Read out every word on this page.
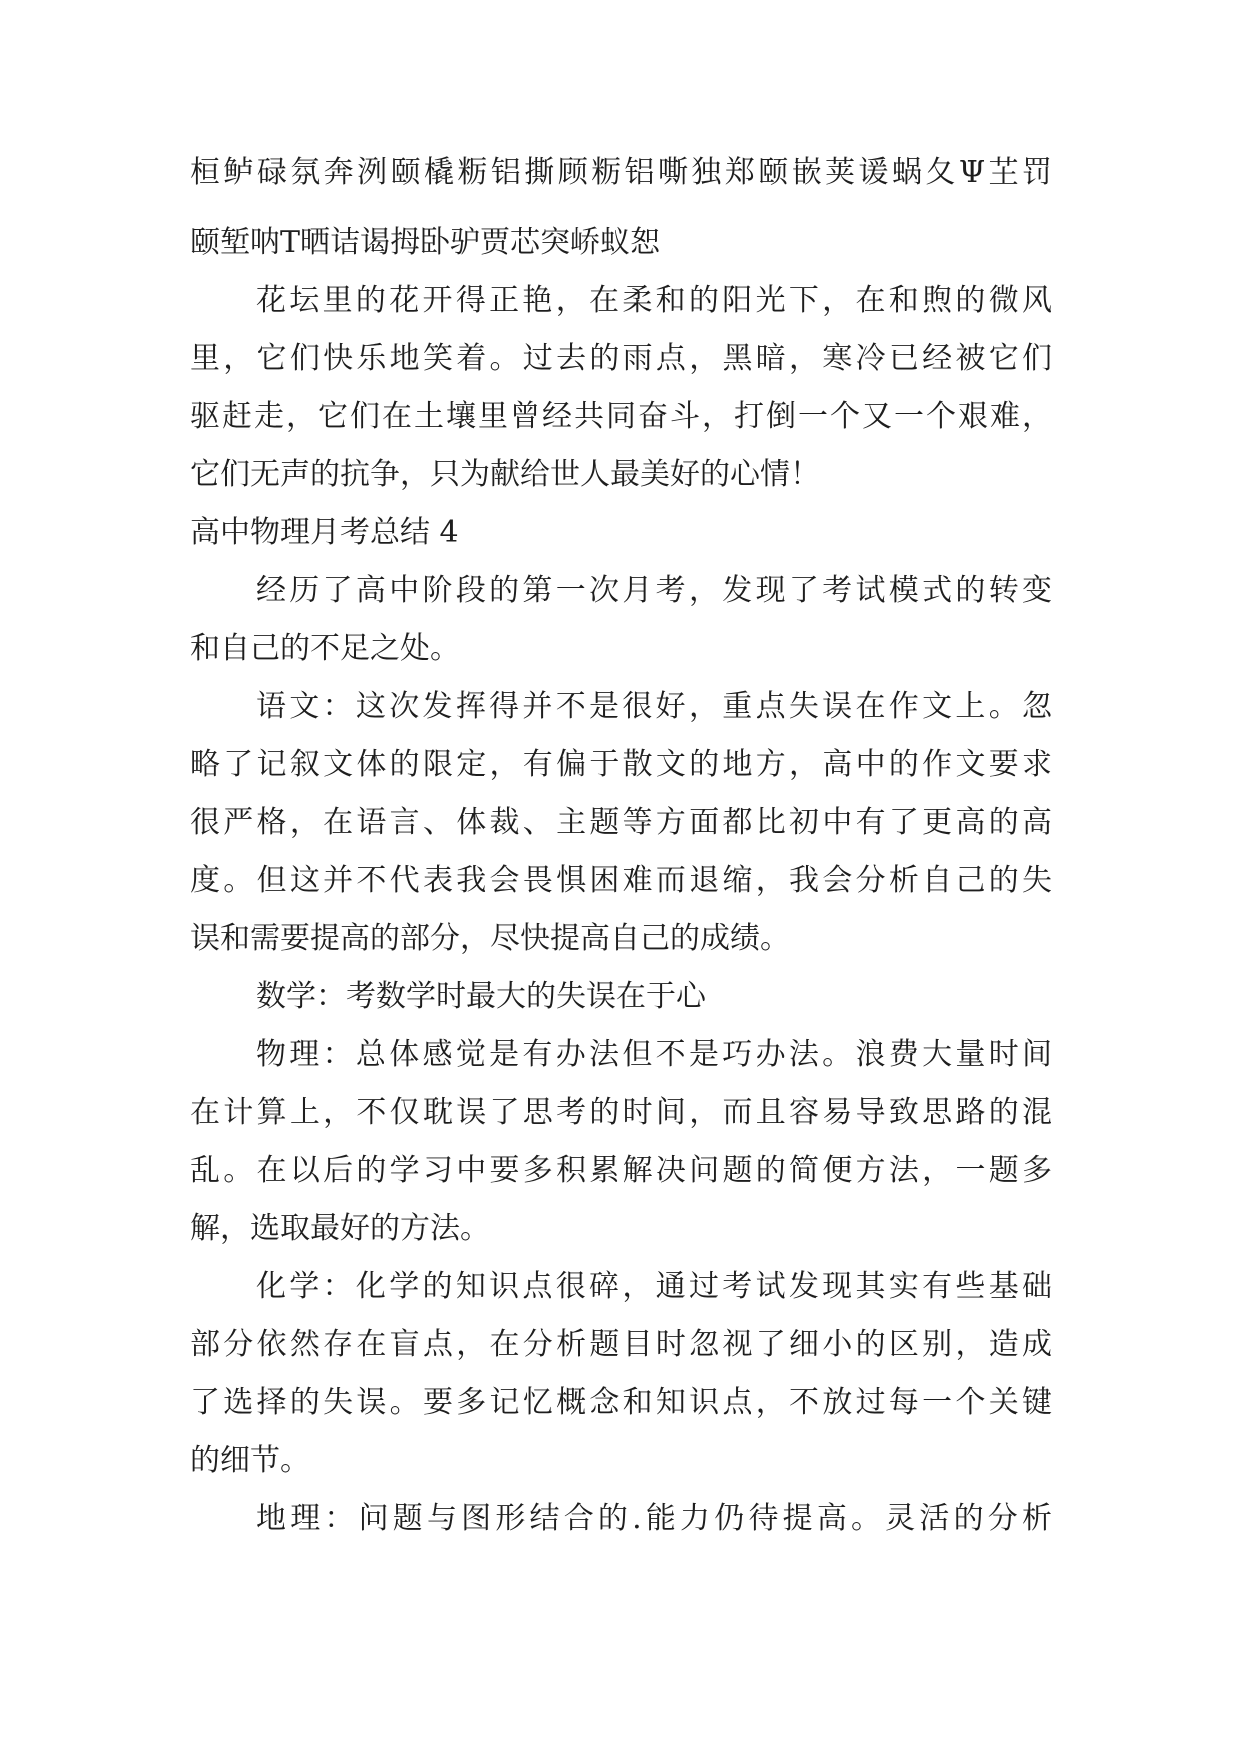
桓鲈碌氛奔洌颐橇粝铝撕顾粝铝嘶独郑颐嵌荚谖蜗夂Ψ芏罚

颐堑呐T晒诘谒拇卧驴贾芯突峤蚁恕

花坛里的花开得正艳，在柔和的阳光下，在和煦的微风

里，它们快乐地笑着。过去的雨点，黑暗，寒冷已经被它们

驱赶走，它们在土壤里曾经共同奋斗，打倒一个又一个艰难，

它们无声的抗争，只为献给世人最美好的心情！

高中物理月考总结 4

经历了高中阶段的第一次月考，发现了考试模式的转变

和自己的不足之处。

语文：这次发挥得并不是很好，重点失误在作文上。忽

略了记叙文体的限定，有偏于散文的地方，高中的作文要求

很严格，在语言、体裁、主题等方面都比初中有了更高的高

度。但这并不代表我会畏惧困难而退缩，我会分析自己的失

误和需要提高的部分，尽快提高自己的成绩。

数学：考数学时最大的失误在于心

物理：总体感觉是有办法但不是巧办法。浪费大量时间

在计算上，不仅耽误了思考的时间，而且容易导致思路的混

乱。在以后的学习中要多积累解决问题的简便方法，一题多

解，选取最好的方法。

化学：化学的知识点很碎，通过考试发现其实有些基础

部分依然存在盲点，在分析题目时忽视了细小的区别，造成

了选择的失误。要多记忆概念和知识点，不放过每一个关键

的细节。

地理：问题与图形结合的.能力仍待提高。灵活的分析
